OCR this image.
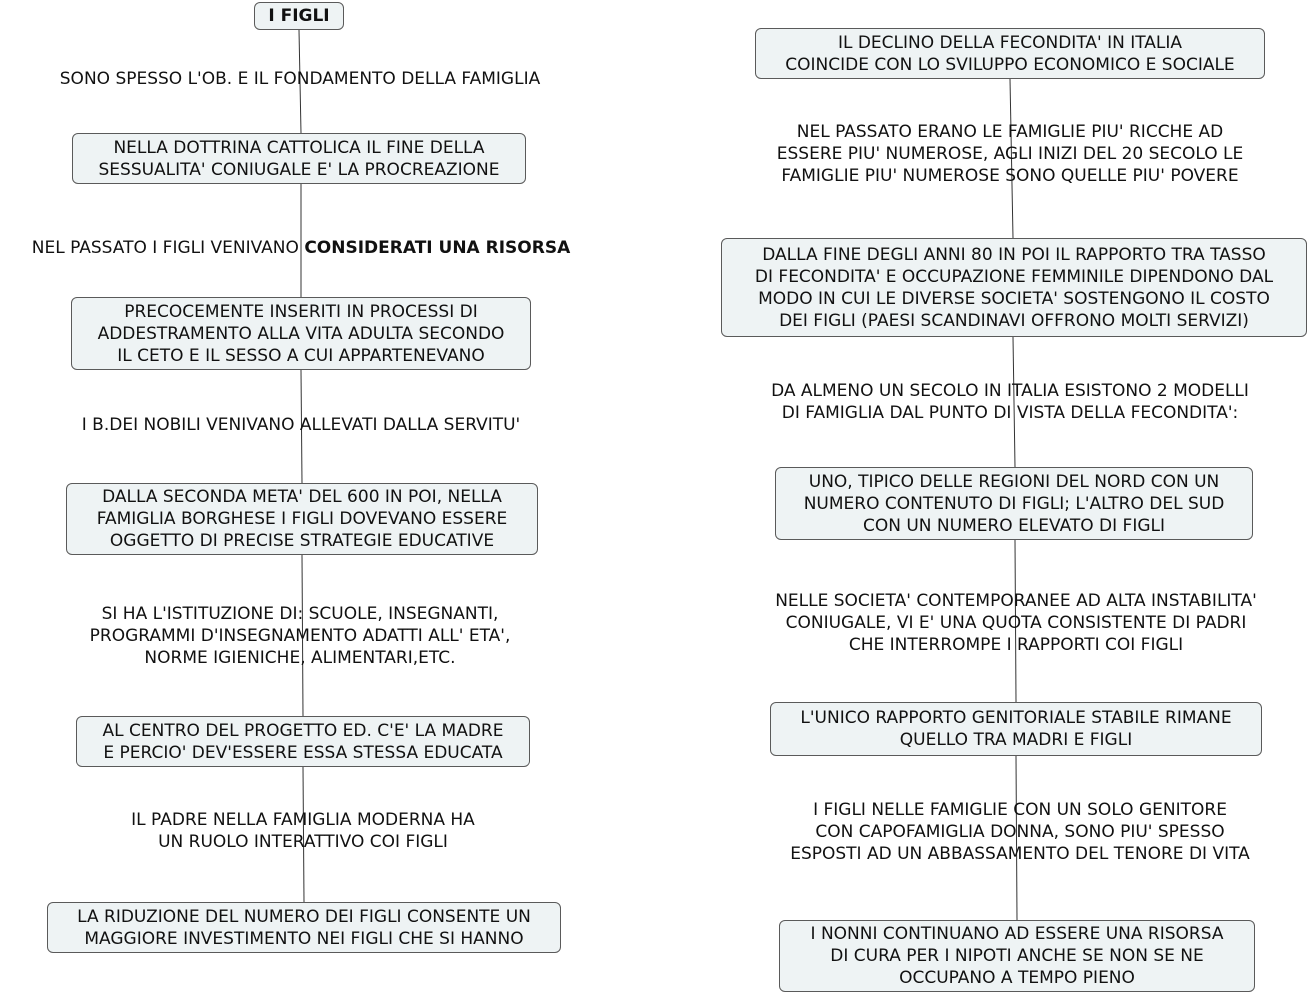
I FIGLI
SONO SPESSO L'OB. E IL FONDAMENTO DELLA FAMIGLIA
NELLA DOTTRINA CATTOLICA IL FINE DELLA
SESSUALITA' CONIUGALE E' LA PROCREAZIONE
NEL PASSATO I FIGLI VENIVANO CONSIDERATI UNA RISORSA
PRECOCEMENTE INSERITI IN PROCESSI DI
ADDESTRAMENTO ALLA VITA ADULTA SECONDO
IL CETO E IL SESSO A CUI APPARTENEVANO
I B.DEI NOBILI VENIVANO ALLEVATI DALLA SERVITU'
DALLA SECONDA META' DEL 600 IN POI, NELLA
FAMIGLIA BORGHESE I FIGLI DOVEVANO ESSERE
OGGETTO DI PRECISE STRATEGIE EDUCATIVE
SI HA L'ISTITUZIONE DI: SCUOLE, INSEGNANTI,
PROGRAMMI D'INSEGNAMENTO ADATTI ALL' ETA',
NORME IGIENICHE, ALIMENTARI,ETC.
AL CENTRO DEL PROGETTO ED. C'E' LA MADRE
E PERCIO' DEV'ESSERE ESSA STESSA EDUCATA
IL PADRE NELLA FAMIGLIA MODERNA HA
UN RUOLO INTERATTIVO COI FIGLI
LA RIDUZIONE DEL NUMERO DEI FIGLI CONSENTE UN
MAGGIORE INVESTIMENTO NEI FIGLI CHE SI HANNO
IL DECLINO DELLA FECONDITA' IN ITALIA
COINCIDE CON LO SVILUPPO ECONOMICO E SOCIALE
NEL PASSATO ERANO LE FAMIGLIE PIU' RICCHE AD
ESSERE PIU' NUMEROSE, AGLI INIZI DEL 20 SECOLO LE
FAMIGLIE PIU' NUMEROSE SONO QUELLE PIU' POVERE
DALLA FINE DEGLI ANNI 80 IN POI IL RAPPORTO TRA TASSO
DI FECONDITA' E OCCUPAZIONE FEMMINILE DIPENDONO DAL
MODO IN CUI LE DIVERSE SOCIETA' SOSTENGONO IL COSTO
DEI FIGLI (PAESI SCANDINAVI OFFRONO MOLTI SERVIZI)
DA ALMENO UN SECOLO IN ITALIA ESISTONO 2 MODELLI
DI FAMIGLIA DAL PUNTO DI VISTA DELLA FECONDITA':
UNO, TIPICO DELLE REGIONI DEL NORD CON UN
NUMERO CONTENUTO DI FIGLI; L'ALTRO DEL SUD
CON UN NUMERO ELEVATO DI FIGLI
NELLE SOCIETA' CONTEMPORANEE AD ALTA INSTABILITA'
CONIUGALE, VI E' UNA QUOTA CONSISTENTE DI PADRI
CHE INTERROMPE I RAPPORTI COI FIGLI
L'UNICO RAPPORTO GENITORIALE STABILE RIMANE
QUELLO TRA MADRI E FIGLI
I FIGLI NELLE FAMIGLIE CON UN SOLO GENITORE
CON CAPOFAMIGLIA DONNA, SONO PIU' SPESSO
ESPOSTI AD UN ABBASSAMENTO DEL TENORE DI VITA
I NONNI CONTINUANO AD ESSERE UNA RISORSA
DI CURA PER I NIPOTI ANCHE SE NON SE NE
OCCUPANO A TEMPO PIENO
